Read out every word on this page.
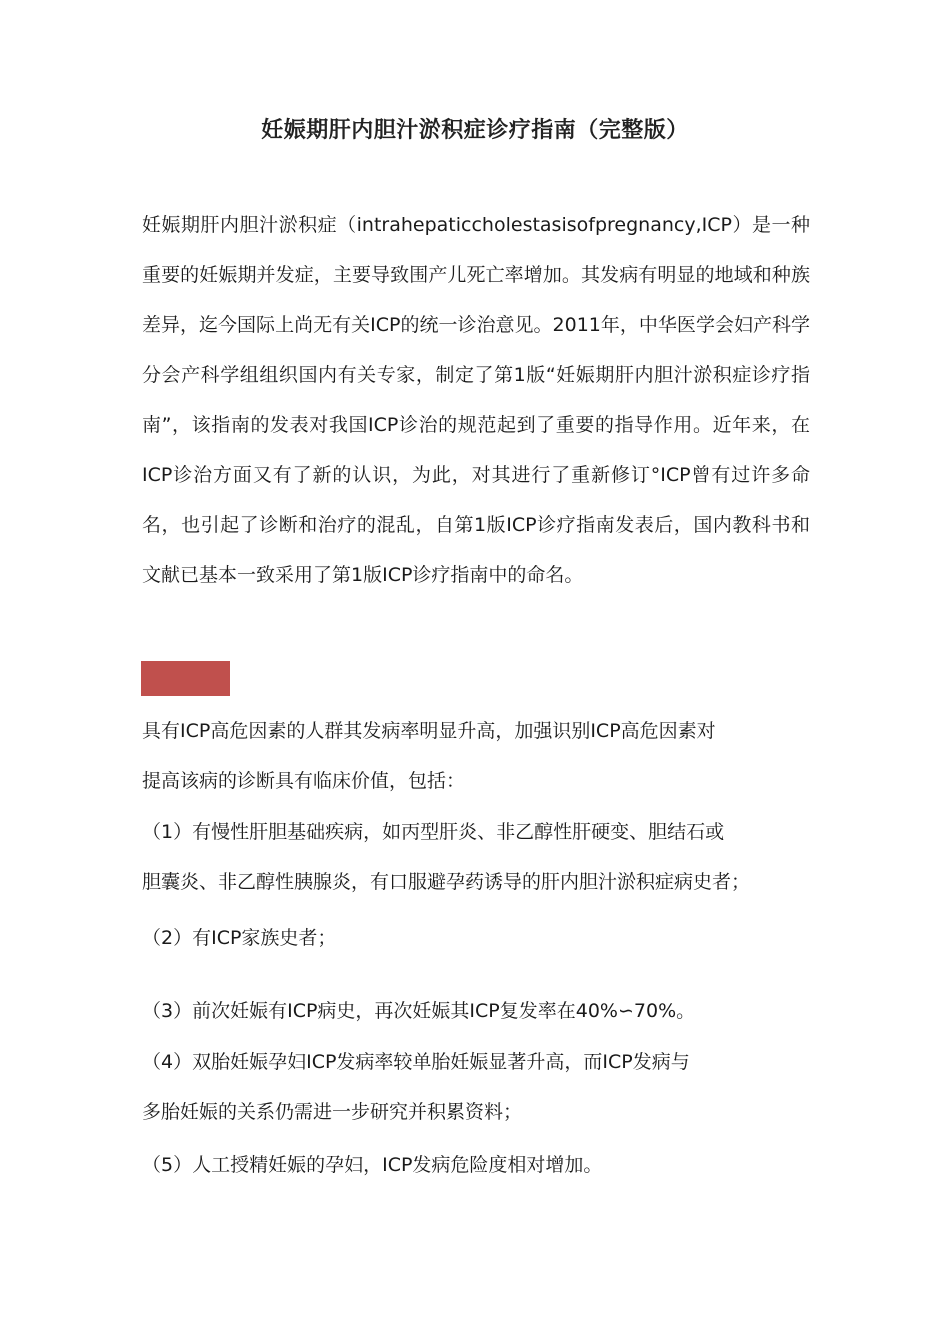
妊娠期肝内胆汁淤积症诊疗指南（完整版）

妊娠期肝内胆汁淤积症（intrahepaticcholestasisofpregnancy,ICP）是一种重要的妊娠期并发症，主要导致围产儿死亡率增加。其发病有明显的地域和种族差异，迄今国际上尚无有关ICP的统一诊治意见。2011年，中华医学会妇产科学分会产科学组组织国内有关专家，制定了第1版“妊娠期肝内胆汁淤积症诊疗指南”，该指南的发表对我国ICP诊治的规范起到了重要的指导作用。近年来，在ICP诊治方面又有了新的认识，为此，对其进行了重新修订°ICP曾有过许多命名，也引起了诊断和治疗的混乱，自第1版ICP诊疗指南发表后，国内教科书和文献已基本一致采用了第1版ICP诊疗指南中的命名。

具有ICP高危因素的人群其发病率明显升高，加强识别ICP高危因素对

提高该病的诊断具有临床价值，包括：

（1）有慢性肝胆基础疾病，如丙型肝炎、非乙醇性肝硬变、胆结石或

胆囊炎、非乙醇性胰腺炎，有口服避孕药诱导的肝内胆汁淤积症病史者；

（2）有ICP家族史者；

（3）前次妊娠有ICP病史，再次妊娠其ICP复发率在40%∽70%。

（4）双胎妊娠孕妇ICP发病率较单胎妊娠显著升高，而ICP发病与

多胎妊娠的关系仍需进一步研究并积累资料；

（5）人工授精妊娠的孕妇，ICP发病危险度相对增加。
